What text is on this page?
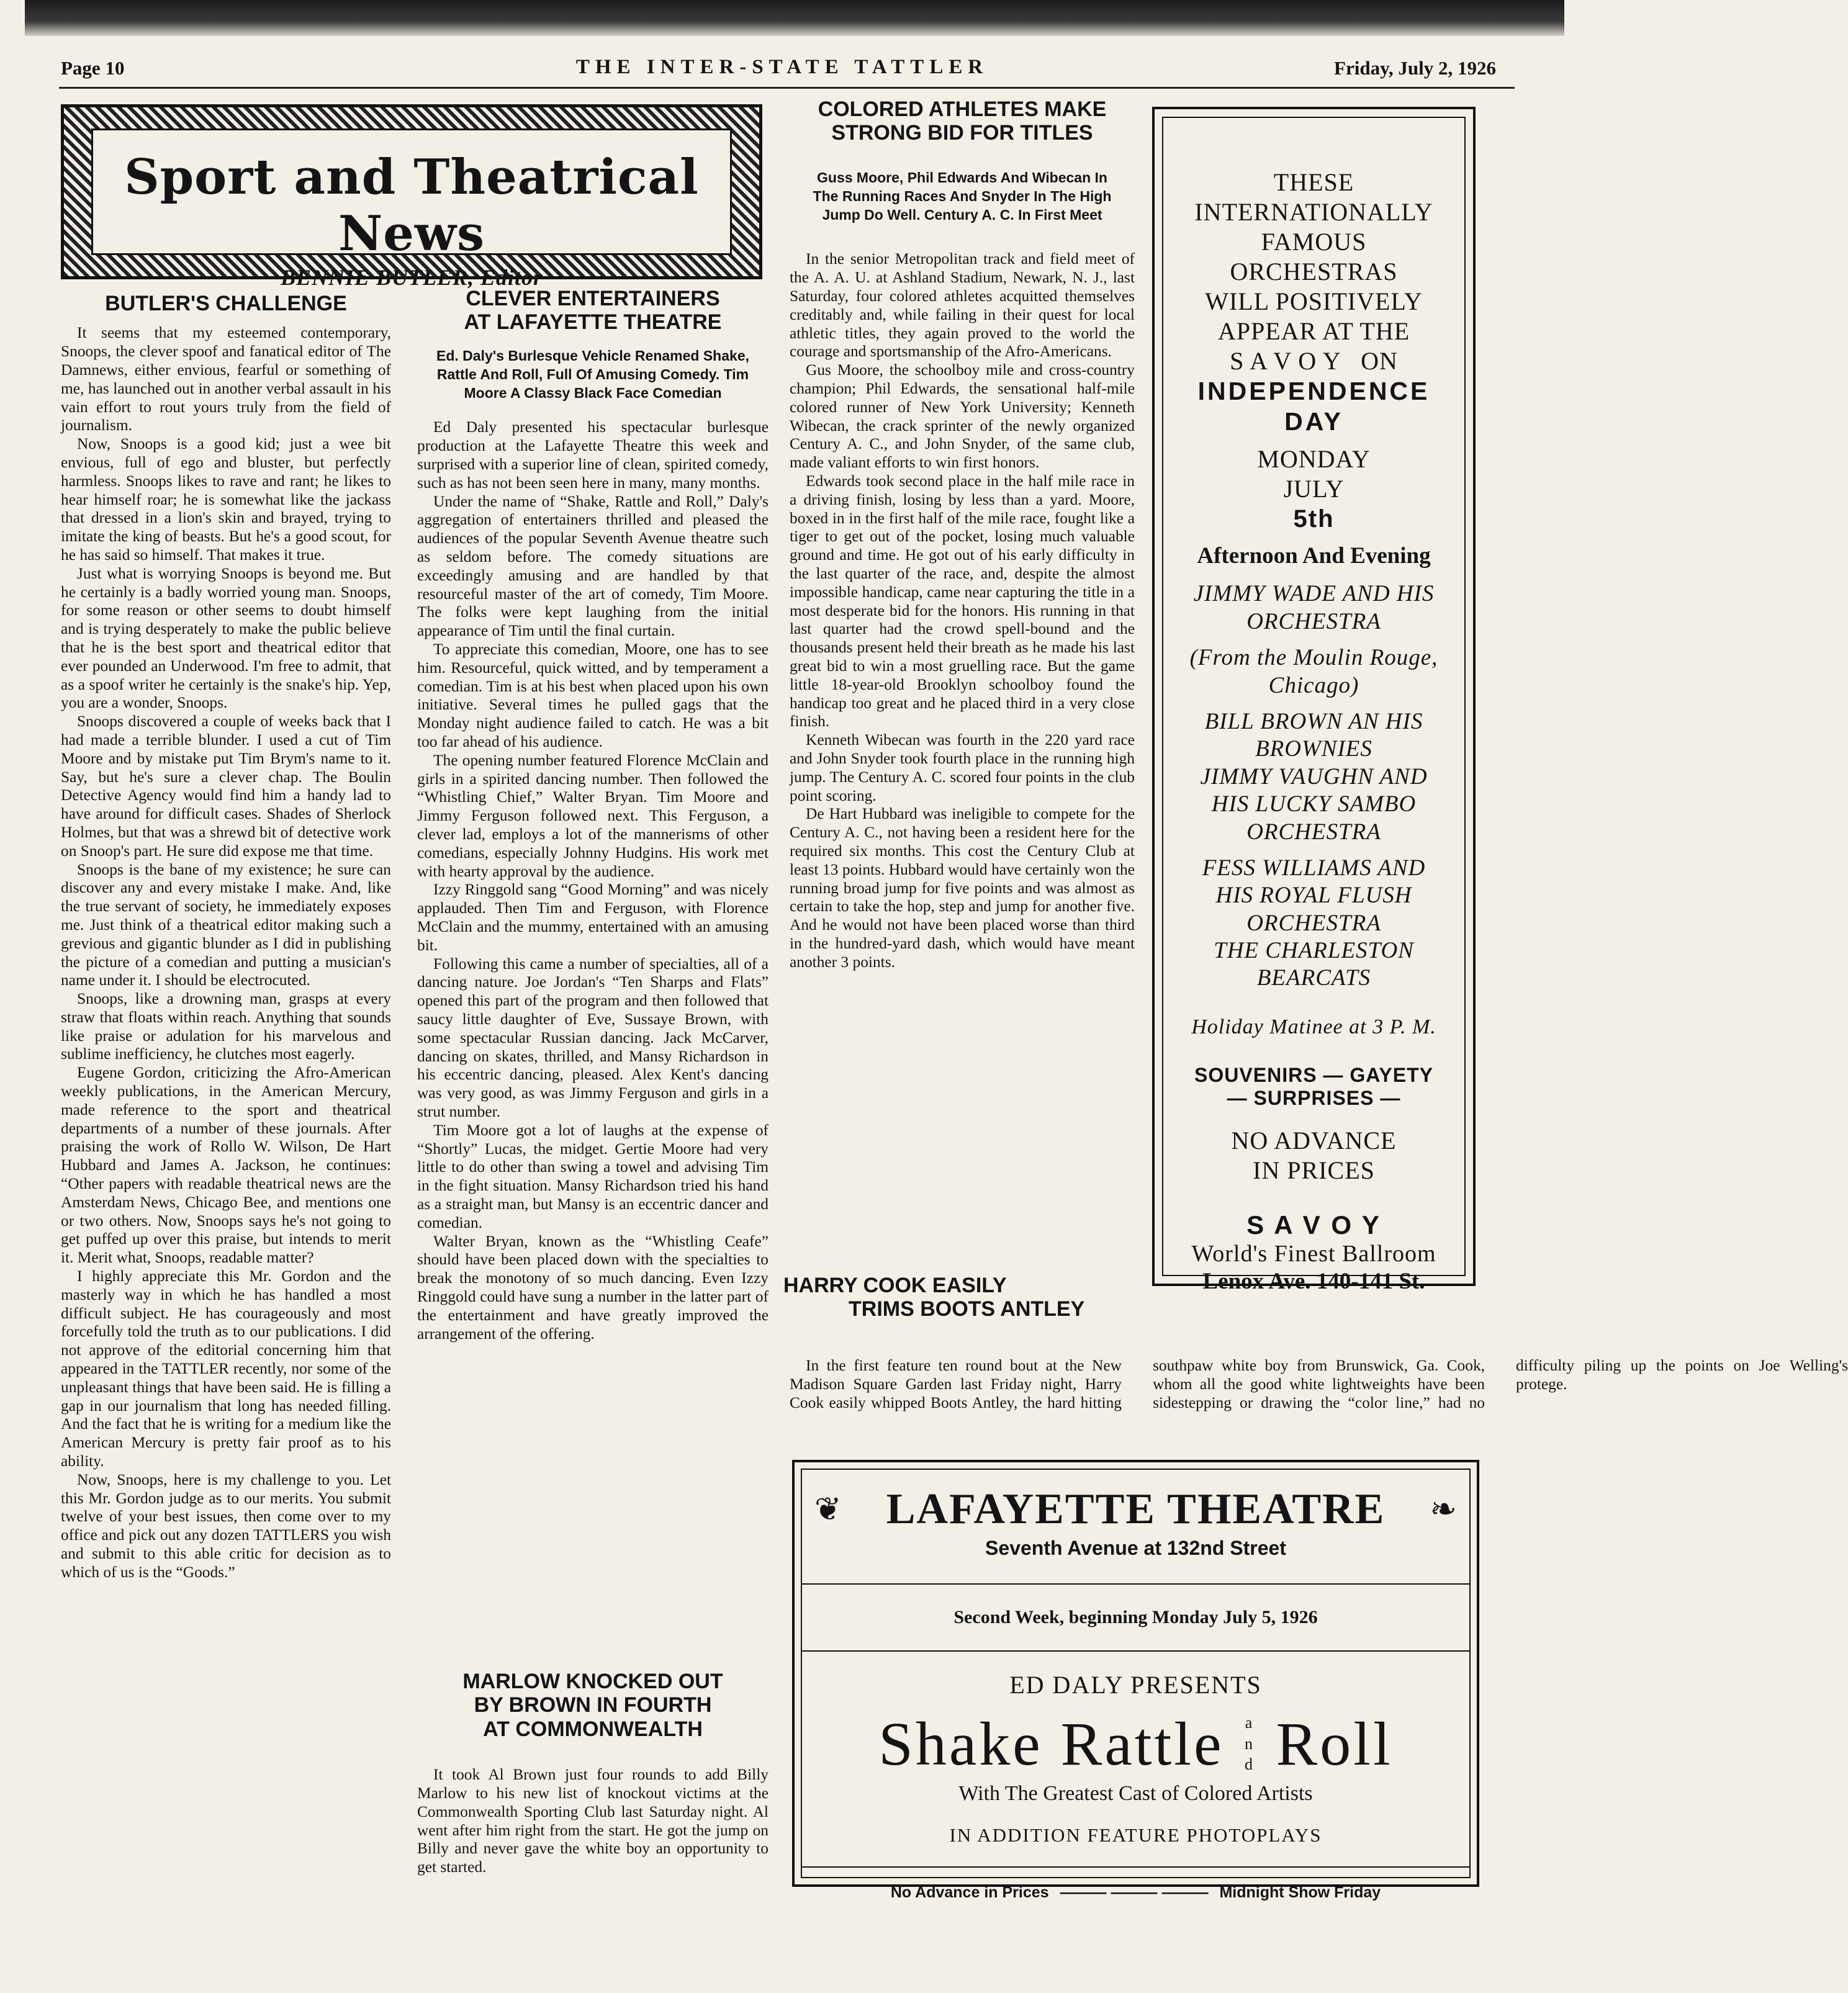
Page 10	THE INTER-STATE TATTLER	Friday, July 2, 1926
Sport and Theatrical News
BENNIE BUTLER, Editor
BUTLER'S CHALLENGE

It seems that my esteemed contemporary, Snoops, the clever spoof and fanatical editor of The Damnews, either envious, fearful or something of me, has launched out in another verbal assault in his vain effort to rout yours truly from the field of journalism.

Now, Snoops is a good kid; just a wee bit envious, full of ego and bluster, but perfectly harmless. Snoops likes to rave and rant; he likes to hear himself roar; he is somewhat like the jackass that dressed in a lion's skin and brayed, trying to imitate the king of beasts. But he's a good scout, for he has said so himself. That makes it true.

Just what is worrying Snoops is beyond me. But he certainly is a badly worried young man. Snoops, for some reason or other seems to doubt himself and is trying desperately to make the public believe that he is the best sport and theatrical editor that ever pounded an Underwood. I'm free to admit, that as a spoof writer he certainly is the snake's hip. Yep, you are a wonder, Snoops.

Snoops discovered a couple of weeks back that I had made a terrible blunder. I used a cut of Tim Moore and by mistake put Tim Brym's name to it. Say, but he's sure a clever chap. The Boulin Detective Agency would find him a handy lad to have around for difficult cases. Shades of Sherlock Holmes, but that was a shrewd bit of detective work on Snoop's part. He sure did expose me that time.

Snoops is the bane of my existence; he sure can discover any and every mistake I make. And, like the true servant of society, he immediately exposes me. Just think of a theatrical editor making such a grevious and gigantic blunder as I did in publishing the picture of a comedian and putting a musician's name under it. I should be electrocuted.

Snoops, like a drowning man, grasps at every straw that floats within reach. Anything that sounds like praise or adulation for his marvelous and sublime inefficiency, he clutches most eagerly.

Eugene Gordon, criticizing the Afro-American weekly publications, in the American Mercury, made reference to the sport and theatrical departments of a number of these journals. After praising the work of Rollo W. Wilson, De Hart Hubbard and James A. Jackson, he continues: “Other papers with readable theatrical news are the Amsterdam News, Chicago Bee, and mentions one or two others. Now, Snoops says he's not going to get puffed up over this praise, but intends to merit it. Merit what, Snoops, readable matter?

I highly appreciate this Mr. Gordon and the masterly way in which he has handled a most difficult subject. He has courageously and most forcefully told the truth as to our publications. I did not approve of the editorial concerning him that appeared in the TATTLER recently, nor some of the unpleasant things that have been said. He is filling a gap in our journalism that long has needed filling. And the fact that he is writing for a medium like the American Mercury is pretty fair proof as to his ability.

Now, Snoops, here is my challenge to you. Let this Mr. Gordon judge as to our merits. You submit twelve of your best issues, then come over to my office and pick out any dozen TATTLERS you wish and submit to this able critic for decision as to which of us is the “Goods.”

CLEVER ENTERTAINERS
AT LAFAYETTE THEATRE
Ed. Daly's Burlesque Vehicle Renamed Shake, Rattle And Roll, Full Of Amusing Comedy. Tim Moore A Classy Black Face Comedian

Ed Daly presented his spectacular burlesque production at the Lafayette Theatre this week and surprised with a superior line of clean, spirited comedy, such as has not been seen here in many, many months.

Under the name of “Shake, Rattle and Roll,” Daly's aggregation of entertainers thrilled and pleased the audiences of the popular Seventh Avenue theatre such as seldom before. The comedy situations are exceedingly amusing and are handled by that resourceful master of the art of comedy, Tim Moore. The folks were kept laughing from the initial appearance of Tim until the final curtain.

To appreciate this comedian, Moore, one has to see him. Resourceful, quick witted, and by temperament a comedian. Tim is at his best when placed upon his own initiative. Several times he pulled gags that the Monday night audience failed to catch. He was a bit too far ahead of his audience.

The opening number featured Florence McClain and girls in a spirited dancing number. Then followed the “Whistling Chief,” Walter Bryan. Tim Moore and Jimmy Ferguson followed next. This Ferguson, a clever lad, employs a lot of the mannerisms of other comedians, especially Johnny Hudgins. His work met with hearty approval by the audience.

Izzy Ringgold sang “Good Morning” and was nicely applauded. Then Tim and Ferguson, with Florence McClain and the mummy, entertained with an amusing bit.

Following this came a number of specialties, all of a dancing nature. Joe Jordan's “Ten Sharps and Flats” opened this part of the program and then followed that saucy little daughter of Eve, Sussaye Brown, with some spectacular Russian dancing. Jack McCarver, dancing on skates, thrilled, and Mansy Richardson in his eccentric dancing, pleased. Alex Kent's dancing was very good, as was Jimmy Ferguson and girls in a strut number.

Tim Moore got a lot of laughs at the expense of “Shortly” Lucas, the midget. Gertie Moore had very little to do other than swing a towel and advising Tim in the fight situation. Mansy Richardson tried his hand as a straight man, but Mansy is an eccentric dancer and comedian.

Walter Bryan, known as the “Whistling Ceafe” should have been placed down with the specialties to break the monotony of so much dancing. Even Izzy Ringgold could have sung a number in the latter part of the entertainment and have greatly improved the arrangement of the offering.

MARLOW KNOCKED OUT
BY BROWN IN FOURTH
AT COMMONWEALTH

It took Al Brown just four rounds to add Billy Marlow to his new list of knockout victims at the Commonwealth Sporting Club last Saturday night. Al went after him right from the start. He got the jump on Billy and never gave the white boy an opportunity to get started.

COLORED ATHLETES MAKE
STRONG BID FOR TITLES
Guss Moore, Phil Edwards And Wibecan In The Running Races And Snyder In The High Jump Do Well. Century A. C. In First Meet

In the senior Metropolitan track and field meet of the A. A. U. at Ashland Stadium, Newark, N. J., last Saturday, four colored athletes acquitted themselves creditably and, while failing in their quest for local athletic titles, they again proved to the world the courage and sportsmanship of the Afro-Americans.

Gus Moore, the schoolboy mile and cross-country champion; Phil Edwards, the sensational half-mile colored runner of New York University; Kenneth Wibecan, the crack sprinter of the newly organized Century A. C., and John Snyder, of the same club, made valiant efforts to win first honors.

Edwards took second place in the half mile race in a driving finish, losing by less than a yard. Moore, boxed in in the first half of the mile race, fought like a tiger to get out of the pocket, losing much valuable ground and time. He got out of his early difficulty in the last quarter of the race, and, despite the almost impossible handicap, came near capturing the title in a most desperate bid for the honors. His running in that last quarter had the crowd spell-bound and the thousands present held their breath as he made his last great bid to win a most gruelling race. But the game little 18-year-old Brooklyn schoolboy found the handicap too great and he placed third in a very close finish.

Kenneth Wibecan was fourth in the 220 yard race and John Snyder took fourth place in the running high jump. The Century A. C. scored four points in the club point scoring.

De Hart Hubbard was ineligible to compete for the Century A. C., not having been a resident here for the required six months. This cost the Century Club at least 13 points. Hubbard would have certainly won the running broad jump for five points and was almost as certain to take the hop, step and jump for another five. And he would not have been placed worse than third in the hundred-yard dash, which would have meant another 3 points.

HARRY COOK EASILY
TRIMS BOOTS ANTLEY

In the first feature ten round bout at the New Madison Square Garden last Friday night, Harry Cook easily whipped Boots Antley, the hard hitting southpaw white boy from Brunswick, Ga. Cook, whom all the good white lightweights have been sidestepping or drawing the “color line,” had no difficulty piling up the points on Joe Welling's protege.

THESE
INTERNATIONALLY
FAMOUS
ORCHESTRAS
WILL POSITIVELY
APPEAR AT THE
S A V O Y   ON
INDEPENDENCE
DAY
MONDAY
JULY
5th
Afternoon And Evening
JIMMY WADE AND HIS
ORCHESTRA
(From the Moulin Rouge,
Chicago)
BILL BROWN AN HIS
BROWNIES
JIMMY VAUGHN AND
HIS LUCKY SAMBO
ORCHESTRA
FESS WILLIAMS AND
HIS ROYAL FLUSH
ORCHESTRA
THE CHARLESTON
BEARCATS
Holiday Matinee at 3 P. M.
SOUVENIRS — GAYETY
— SURPRISES —
NO ADVANCE
IN PRICES
S A V O Y
World's Finest Ballroom
Lenox Ave. 140-141 St.
❦	❧
LAFAYETTE THEATRE
Seventh Avenue at 132nd Street
Second Week, beginning Monday July 5, 1926
ED DALY PRESENTS
Shake Rattle	a n d Roll
With The Greatest Cast of Colored Artists
IN ADDITION FEATURE PHOTOPLAYS
No Advance in Prices ——— ——— ——— Midnight Show Friday
